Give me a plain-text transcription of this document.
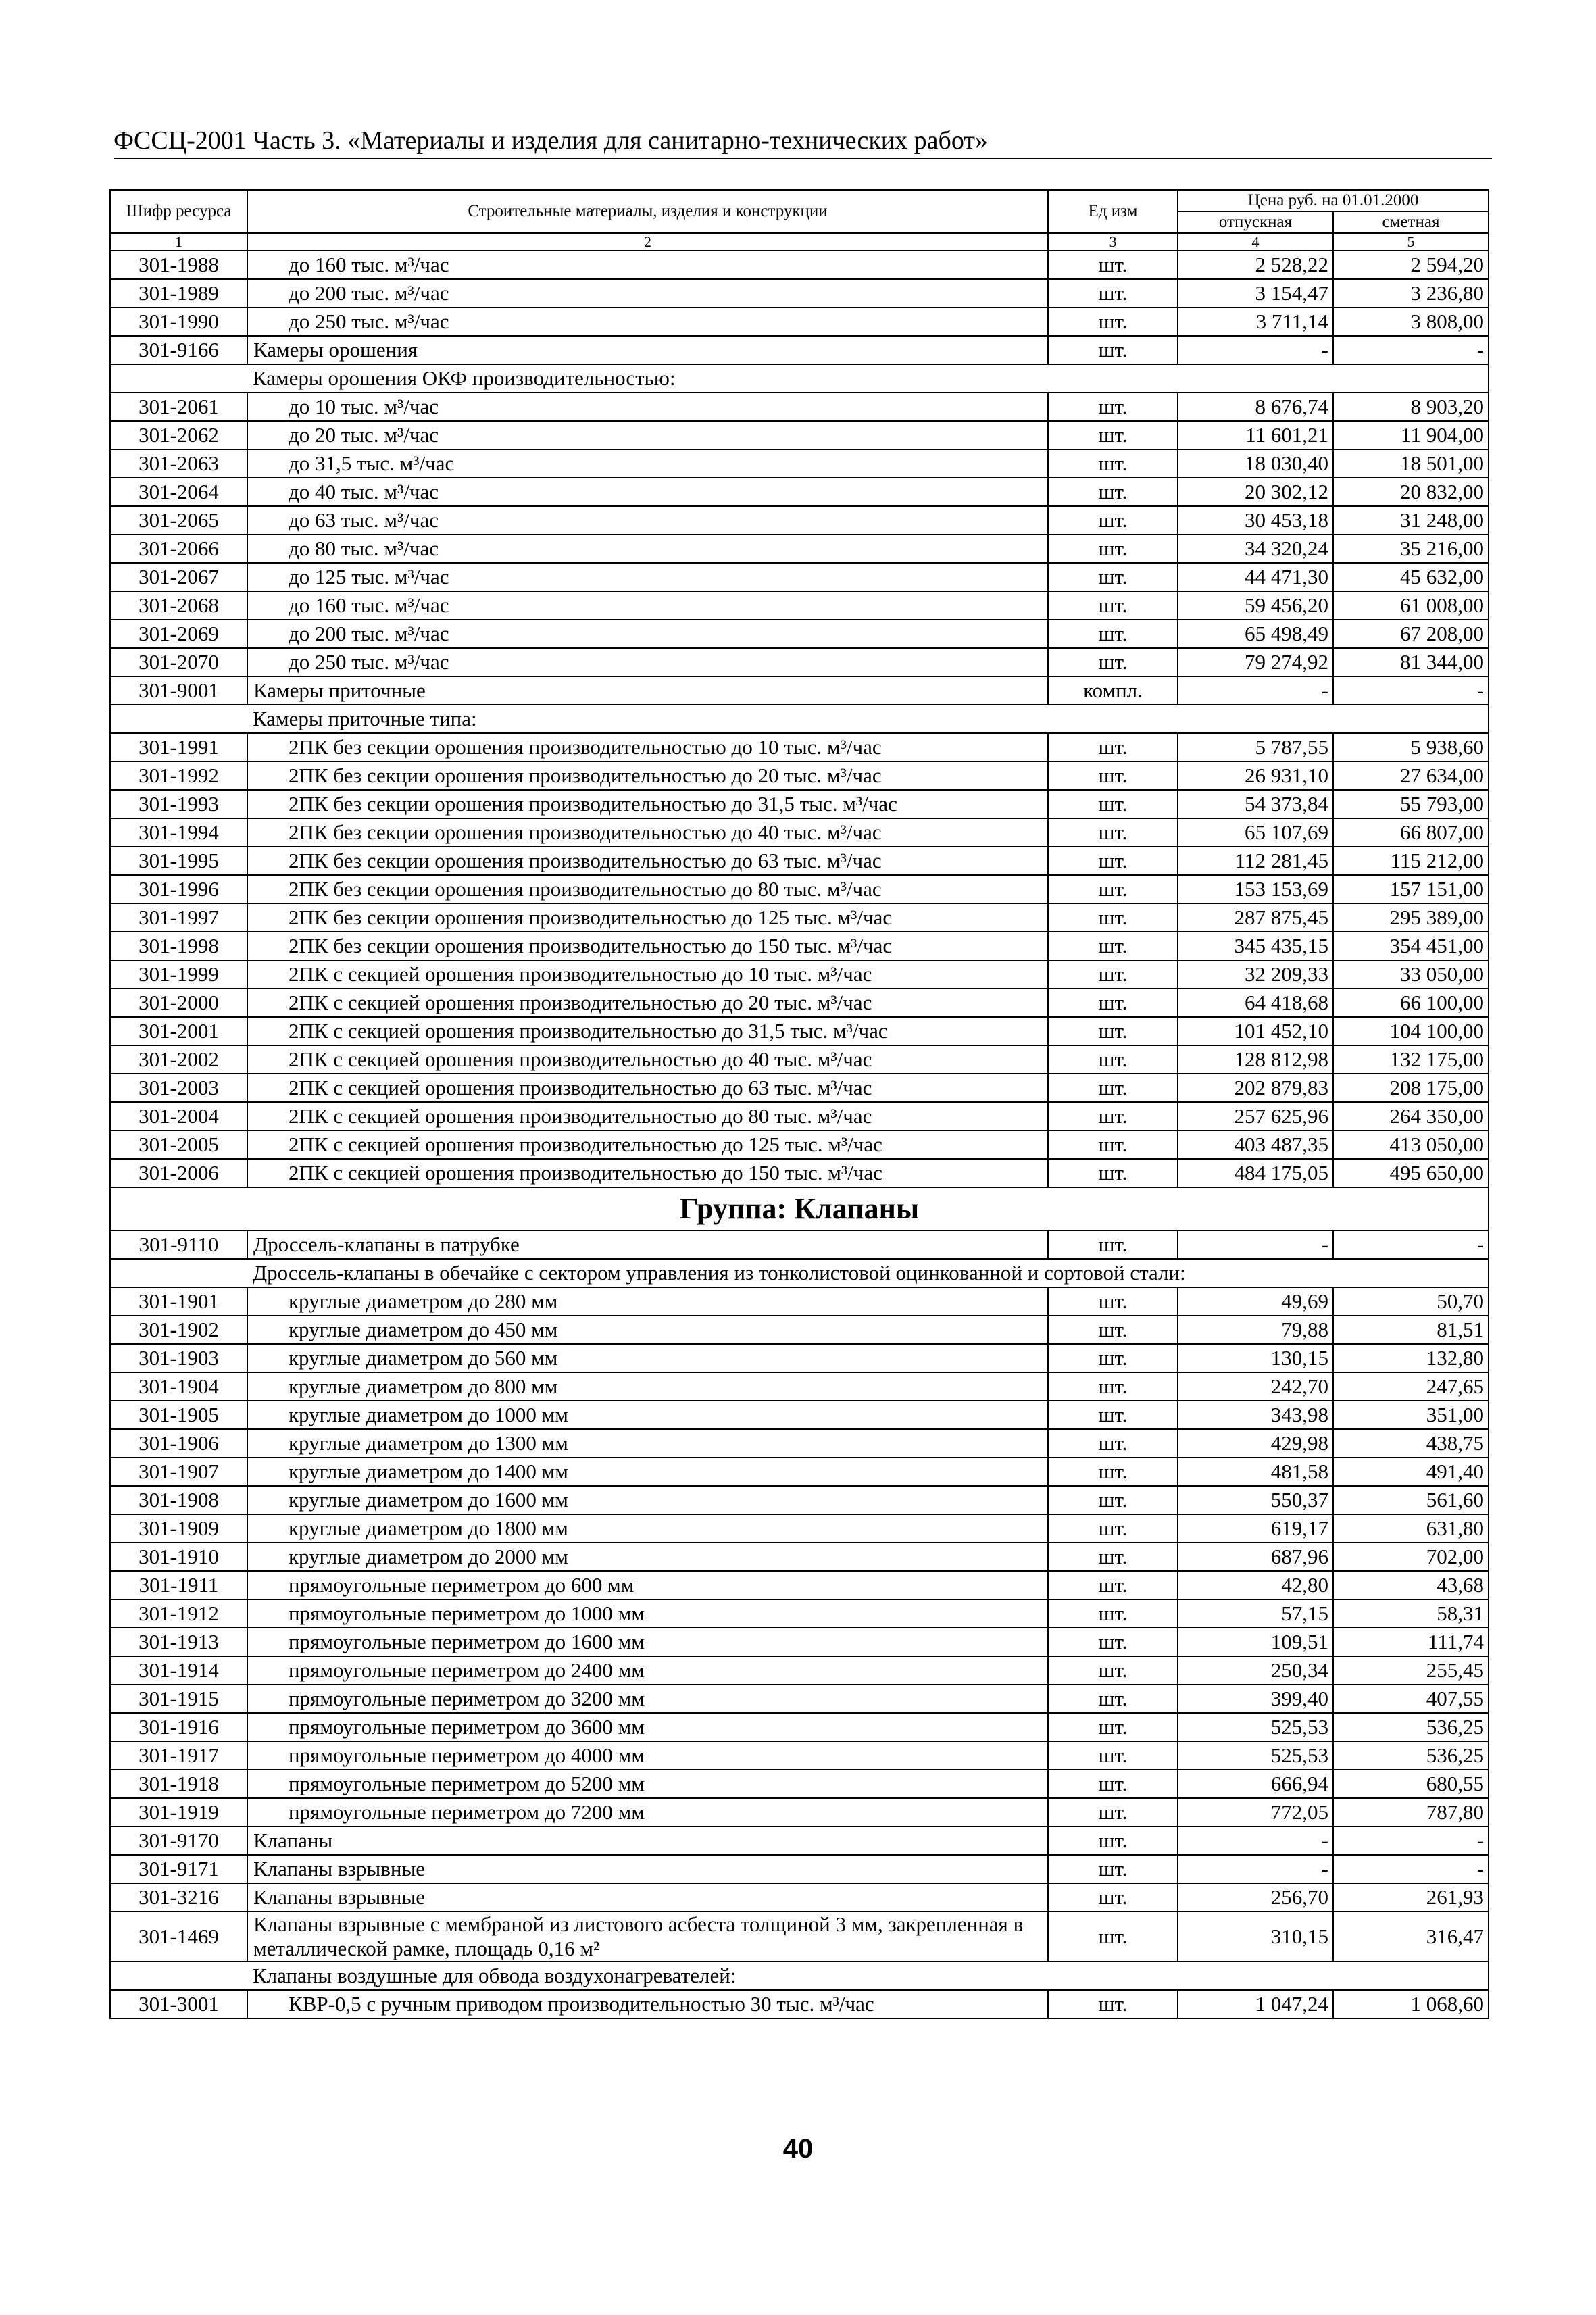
ФССЦ-2001 Часть 3. «Материалы и изделия для санитарно-технических работ»
Шифр ресурса	Строительные материалы, изделия и конструкции	Ед изм	Цена руб. на 01.01.2000	
			отпускная	сметная
1	2	3	4	5
301-1988	до 160 тыс. м³/час	шт.	2 528,22	2 594,20
301-1989	до 200 тыс. м³/час	шт.	3 154,47	3 236,80
301-1990	до 250 тыс. м³/час	шт.	3 711,14	3 808,00
301-9166	Камеры орошения	шт.	-	-
	Камеры орошения ОКФ производительностью:			
301-2061	до 10 тыс. м³/час	шт.	8 676,74	8 903,20
301-2062	до 20 тыс. м³/час	шт.	11 601,21	11 904,00
301-2063	до 31,5 тыс. м³/час	шт.	18 030,40	18 501,00
301-2064	до 40 тыс. м³/час	шт.	20 302,12	20 832,00
301-2065	до 63 тыс. м³/час	шт.	30 453,18	31 248,00
301-2066	до 80 тыс. м³/час	шт.	34 320,24	35 216,00
301-2067	до 125 тыс. м³/час	шт.	44 471,30	45 632,00
301-2068	до 160 тыс. м³/час	шт.	59 456,20	61 008,00
301-2069	до 200 тыс. м³/час	шт.	65 498,49	67 208,00
301-2070	до 250 тыс. м³/час	шт.	79 274,92	81 344,00
301-9001	Камеры приточные	компл.	-	-
	Камеры приточные типа:			
301-1991	2ПК без секции орошения производительностью до 10 тыс. м³/час	шт.	5 787,55	5 938,60
301-1992	2ПК без секции орошения производительностью до 20 тыс. м³/час	шт.	26 931,10	27 634,00
301-1993	2ПК без секции орошения производительностью до 31,5 тыс. м³/час	шт.	54 373,84	55 793,00
301-1994	2ПК без секции орошения производительностью до 40 тыс. м³/час	шт.	65 107,69	66 807,00
301-1995	2ПК без секции орошения производительностью до 63 тыс. м³/час	шт.	112 281,45	115 212,00
301-1996	2ПК без секции орошения производительностью до 80 тыс. м³/час	шт.	153 153,69	157 151,00
301-1997	2ПК без секции орошения производительностью до 125 тыс. м³/час	шт.	287 875,45	295 389,00
301-1998	2ПК без секции орошения производительностью до 150 тыс. м³/час	шт.	345 435,15	354 451,00
301-1999	2ПК с секцией орошения производительностью до 10 тыс. м³/час	шт.	32 209,33	33 050,00
301-2000	2ПК с секцией орошения производительностью до 20 тыс. м³/час	шт.	64 418,68	66 100,00
301-2001	2ПК с секцией орошения производительностью до 31,5 тыс. м³/час	шт.	101 452,10	104 100,00
301-2002	2ПК с секцией орошения производительностью до 40 тыс. м³/час	шт.	128 812,98	132 175,00
301-2003	2ПК с секцией орошения производительностью до 63 тыс. м³/час	шт.	202 879,83	208 175,00
301-2004	2ПК с секцией орошения производительностью до 80 тыс. м³/час	шт.	257 625,96	264 350,00
301-2005	2ПК с секцией орошения производительностью до 125 тыс. м³/час	шт.	403 487,35	413 050,00
301-2006	2ПК с секцией орошения производительностью до 150 тыс. м³/час	шт.	484 175,05	495 650,00
Группа: Клапаны				
301-9110	Дроссель-клапаны в патрубке	шт.	-	-
	Дроссель-клапаны в обечайке с сектором управления из тонколистовой оцинкованной и сортовой стали:			
301-1901	круглые диаметром до 280 мм	шт.	49,69	50,70
301-1902	круглые диаметром до 450 мм	шт.	79,88	81,51
301-1903	круглые диаметром до 560 мм	шт.	130,15	132,80
301-1904	круглые диаметром до 800 мм	шт.	242,70	247,65
301-1905	круглые диаметром до 1000 мм	шт.	343,98	351,00
301-1906	круглые диаметром до 1300 мм	шт.	429,98	438,75
301-1907	круглые диаметром до 1400 мм	шт.	481,58	491,40
301-1908	круглые диаметром до 1600 мм	шт.	550,37	561,60
301-1909	круглые диаметром до 1800 мм	шт.	619,17	631,80
301-1910	круглые диаметром до 2000 мм	шт.	687,96	702,00
301-1911	прямоугольные периметром до 600 мм	шт.	42,80	43,68
301-1912	прямоугольные периметром до 1000 мм	шт.	57,15	58,31
301-1913	прямоугольные периметром до 1600 мм	шт.	109,51	111,74
301-1914	прямоугольные периметром до 2400 мм	шт.	250,34	255,45
301-1915	прямоугольные периметром до 3200 мм	шт.	399,40	407,55
301-1916	прямоугольные периметром до 3600 мм	шт.	525,53	536,25
301-1917	прямоугольные периметром до 4000 мм	шт.	525,53	536,25
301-1918	прямоугольные периметром до 5200 мм	шт.	666,94	680,55
301-1919	прямоугольные периметром до 7200 мм	шт.	772,05	787,80
301-9170	Клапаны	шт.	-	-
301-9171	Клапаны взрывные	шт.	-	-
301-3216	Клапаны взрывные	шт.	256,70	261,93
301-1469	Клапаны взрывные с мембраной из листового асбеста толщиной 3 мм, закрепленная в металлической рамке, площадь 0,16 м²	шт.	310,15	316,47
	Клапаны воздушные для обвода воздухонагревателей:			
301-3001	КВР-0,5 с ручным приводом производительностью 30 тыс. м³/час	шт.	1 047,24	1 068,60
40
